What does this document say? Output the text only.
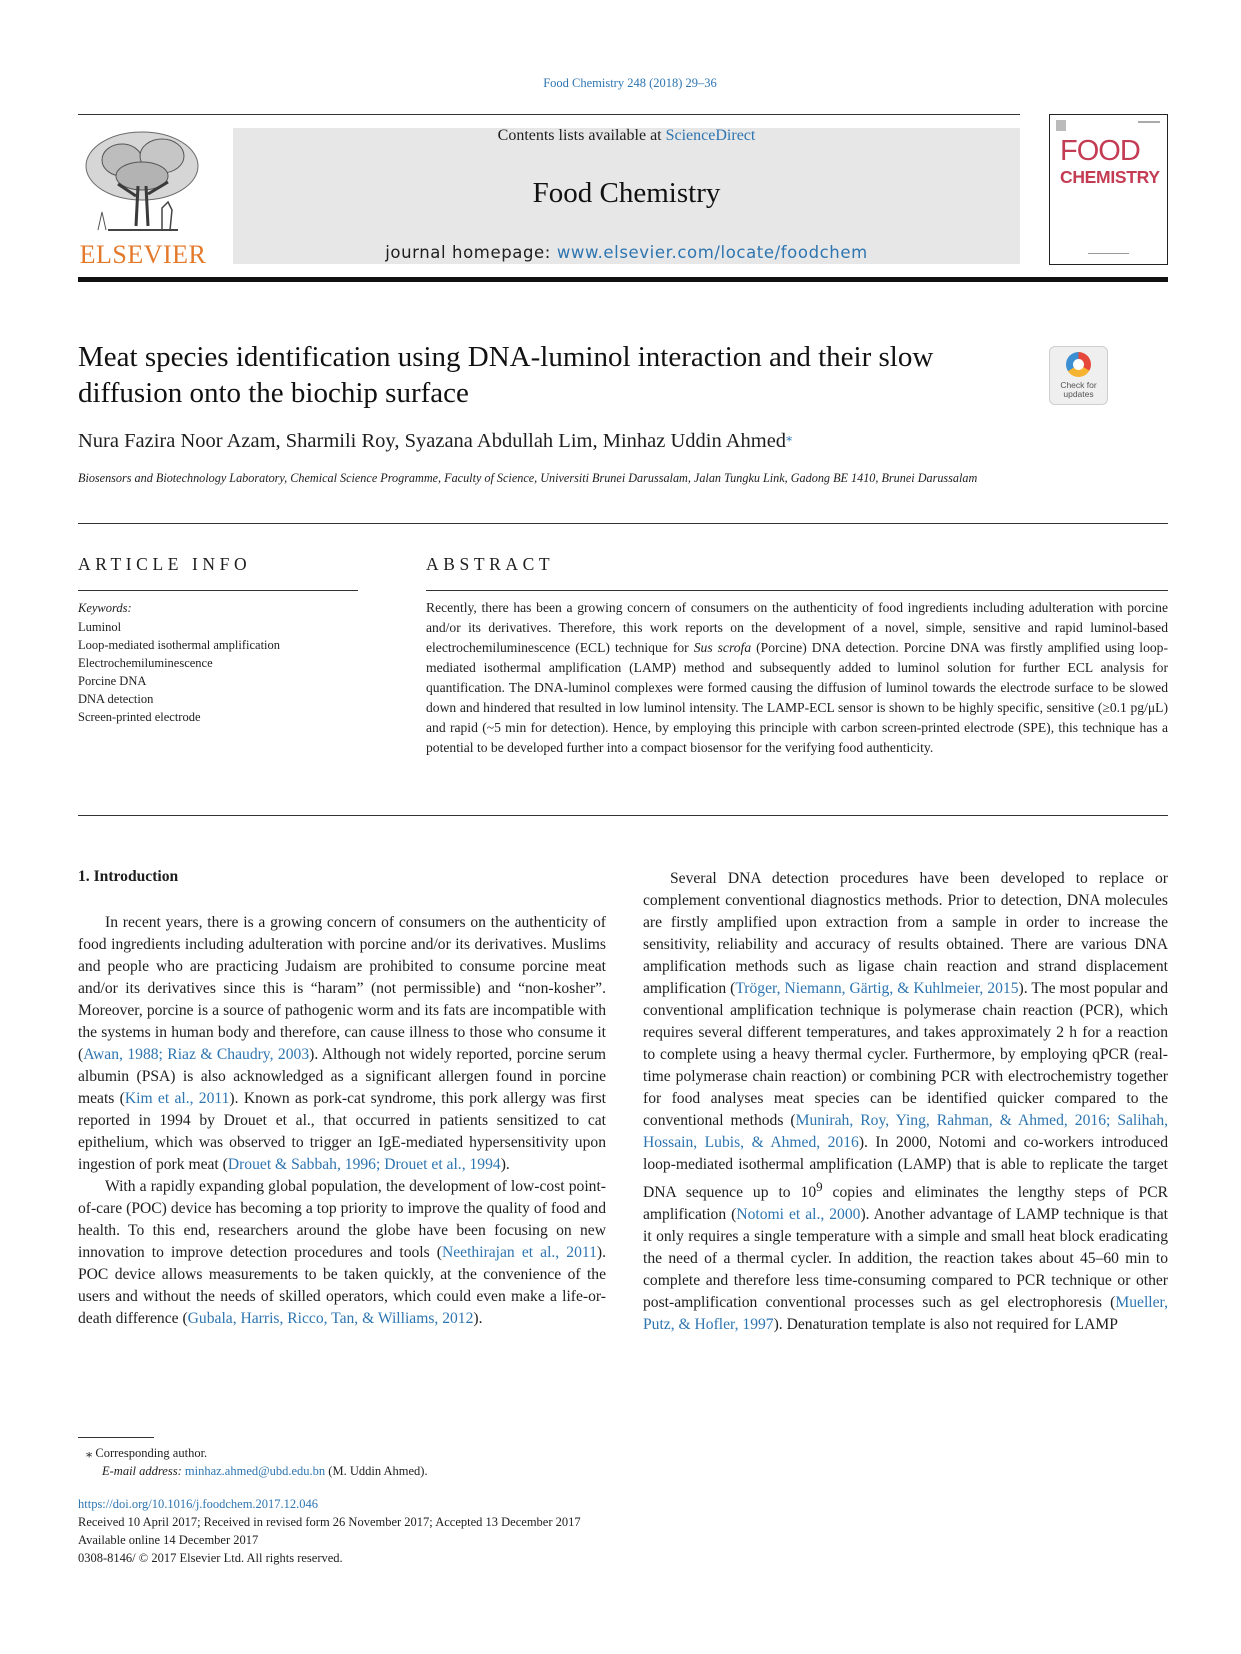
Food Chemistry 248 (2018) 29–36
ELSEVIER
Contents lists available at ScienceDirect
Food Chemistry
journal homepage: www.elsevier.com/locate/foodchem
FOOD
CHEMISTRY
Meat species identification using DNA-luminol interaction and their slow diffusion onto the biochip surface	Check for updates
Nura Fazira Noor Azam, Sharmili Roy, Syazana Abdullah Lim, Minhaz Uddin Ahmed⁎
Biosensors and Biotechnology Laboratory, Chemical Science Programme, Faculty of Science, Universiti Brunei Darussalam, Jalan Tungku Link, Gadong BE 1410, Brunei Darussalam
ARTICLE INFO	ABSTRACT
Keywords:
Luminol
Loop-mediated isothermal amplification
Electrochemiluminescence
Porcine DNA
DNA detection
Screen-printed electrode
Recently, there has been a growing concern of consumers on the authenticity of food ingredients including adulteration with porcine and/or its derivatives. Therefore, this work reports on the development of a novel, simple, sensitive and rapid luminol-based electrochemiluminescence (ECL) technique for Sus scrofa (Porcine) DNA detection. Porcine DNA was firstly amplified using loop-mediated isothermal amplification (LAMP) method and subsequently added to luminol solution for further ECL analysis for quantification. The DNA-luminol complexes were formed causing the diffusion of luminol towards the electrode surface to be slowed down and hindered that resulted in low luminol intensity. The LAMP-ECL sensor is shown to be highly specific, sensitive (≥0.1 pg/μL) and rapid (~5 min for detection). Hence, by employing this principle with carbon screen-printed electrode (SPE), this technique has a potential to be developed further into a compact biosensor for the verifying food authenticity.
1. Introduction

In recent years, there is a growing concern of consumers on the authenticity of food ingredients including adulteration with porcine and/or its derivatives. Muslims and people who are practicing Judaism are prohibited to consume porcine meat and/or its derivatives since this is “haram” (not permissible) and “non-kosher”. Moreover, porcine is a source of pathogenic worm and its fats are incompatible with the systems in human body and therefore, can cause illness to those who consume it (Awan, 1988; Riaz & Chaudry, 2003). Although not widely reported, porcine serum albumin (PSA) is also acknowledged as a significant allergen found in porcine meats (Kim et al., 2011). Known as pork-cat syndrome, this pork allergy was first reported in 1994 by Drouet et al., that occurred in patients sensitized to cat epithelium, which was observed to trigger an IgE-mediated hypersensitivity upon ingestion of pork meat (Drouet & Sabbah, 1996; Drouet et al., 1994).

With a rapidly expanding global population, the development of low-cost point-of-care (POC) device has becoming a top priority to improve the quality of food and health. To this end, researchers around the globe have been focusing on new innovation to improve detection procedures and tools (Neethirajan et al., 2011). POC device allows measurements to be taken quickly, at the convenience of the users and without the needs of skilled operators, which could even make a life-or-death difference (Gubala, Harris, Ricco, Tan, & Williams, 2012).

Several DNA detection procedures have been developed to replace or complement conventional diagnostics methods. Prior to detection, DNA molecules are firstly amplified upon extraction from a sample in order to increase the sensitivity, reliability and accuracy of results obtained. There are various DNA amplification methods such as ligase chain reaction and strand displacement amplification (Tröger, Niemann, Gärtig, & Kuhlmeier, 2015). The most popular and conventional amplification technique is polymerase chain reaction (PCR), which requires several different temperatures, and takes approximately 2 h for a reaction to complete using a heavy thermal cycler. Furthermore, by employing qPCR (real-time polymerase chain reaction) or combining PCR with electrochemistry together for food analyses meat species can be identified quicker compared to the conventional methods (Munirah, Roy, Ying, Rahman, & Ahmed, 2016; Salihah, Hossain, Lubis, & Ahmed, 2016). In 2000, Notomi and co-workers introduced loop-mediated isothermal amplification (LAMP) that is able to replicate the target DNA sequence up to $10^9$ copies and eliminates the lengthy steps of PCR amplification (Notomi et al., 2000). Another advantage of LAMP technique is that it only requires a single temperature with a simple and small heat block eradicating the need of a thermal cycler. In addition, the reaction takes about 45–60 min to complete and therefore less time-consuming compared to PCR technique or other post-amplification conventional processes such as gel electrophoresis (Mueller, Putz, & Hofler, 1997). Denaturation template is also not required for LAMP

⁎ Corresponding author.
E-mail address: minhaz.ahmed@ubd.edu.bn (M. Uddin Ahmed).
https://doi.org/10.1016/j.foodchem.2017.12.046
Received 10 April 2017; Received in revised form 26 November 2017; Accepted 13 December 2017
Available online 14 December 2017
0308-8146/ © 2017 Elsevier Ltd. All rights reserved.
